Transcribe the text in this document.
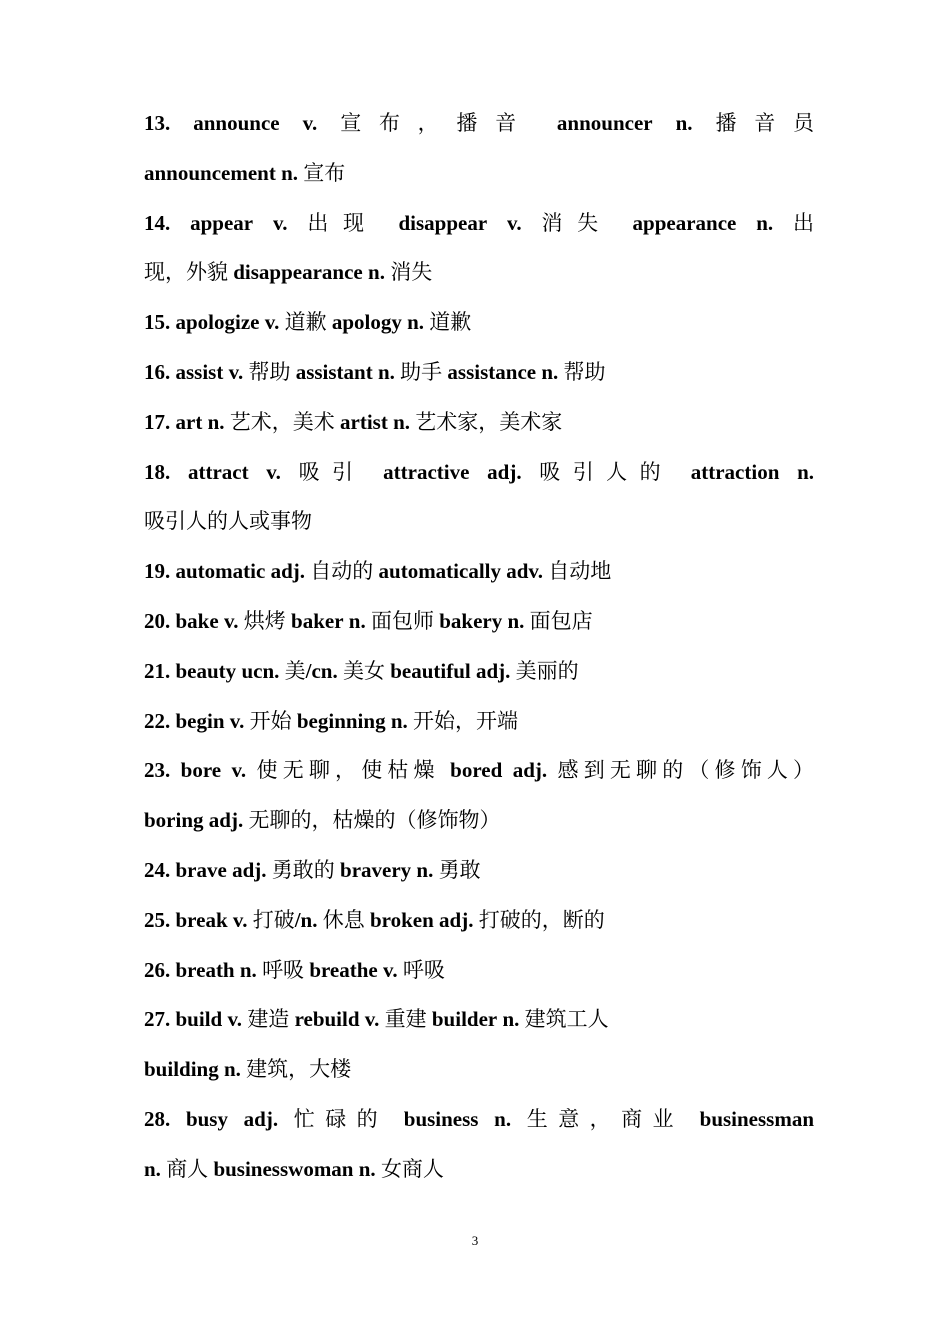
13. announce v. 宣布，播音 announcer n. 播音员
announcement n. 宣布
14. appear v. 出现 disappear v. 消失 appearance n. 出
现，外貌 disappearance n. 消失
15. apologize v. 道歉 apology n. 道歉
16. assist v. 帮助 assistant n. 助手 assistance n. 帮助
17. art n. 艺术，美术 artist n. 艺术家，美术家
18. attract v. 吸引 attractive adj. 吸引人的 attraction n.
吸引人的人或事物
19. automatic adj. 自动的 automatically adv. 自动地
20. bake v. 烘烤 baker n. 面包师 bakery n. 面包店
21. beauty ucn. 美/cn. 美女 beautiful adj. 美丽的
22. begin v. 开始 beginning n. 开始，开端
23. bore v. 使无聊，使枯燥 bored adj. 感到无聊的（修饰人）
boring adj. 无聊的，枯燥的（修饰物）
24. brave adj. 勇敢的 bravery n. 勇敢
25. break v. 打破/n. 休息 broken adj. 打破的，断的
26. breath n. 呼吸 breathe v. 呼吸
27. build v. 建造 rebuild v. 重建 builder n. 建筑工人
building n. 建筑，大楼
28. busy adj. 忙碌的 business n. 生意，商业 businessman
n. 商人 businesswoman n. 女商人
3
